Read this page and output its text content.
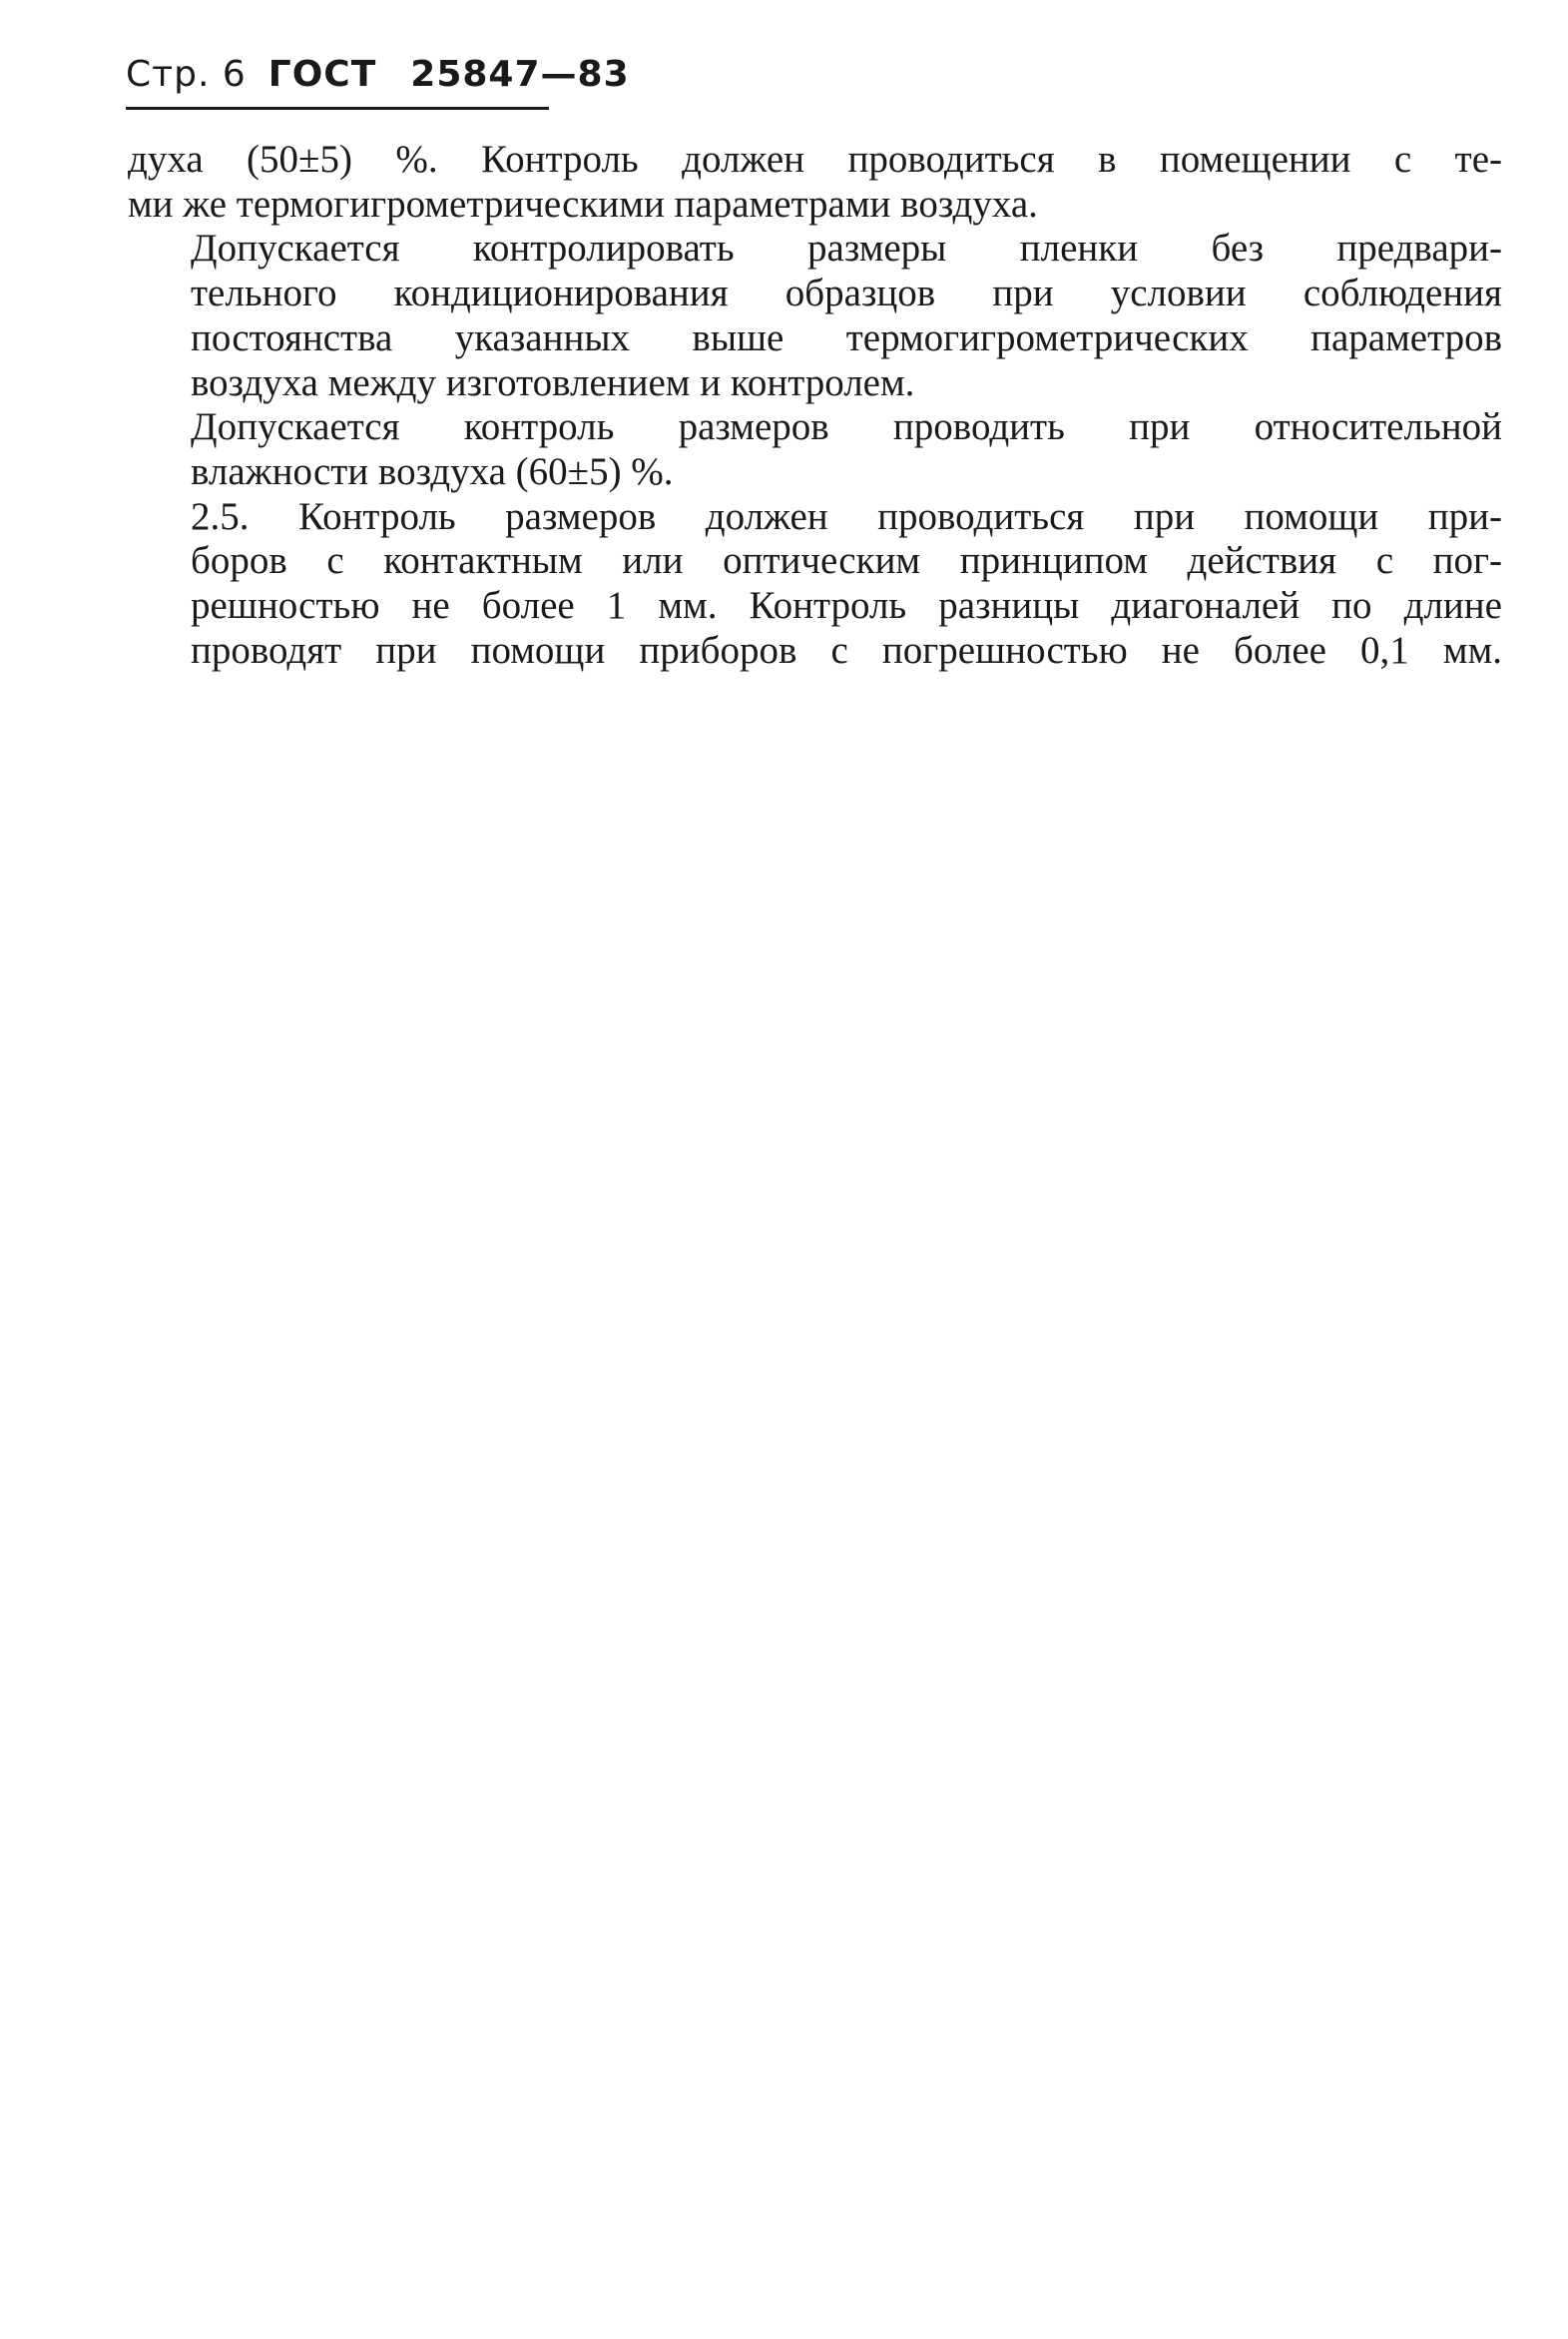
Стр. 6 ГОСТ 25847—83

духа (50±5) %. Контроль должен проводиться в помещении с те-
ми же термогигрометрическими параметрами воздуха.

Допускается контролировать размеры пленки без предвари-
тельного кондиционирования образцов при условии соблюдения
постоянства указанных выше термогигрометрических параметров
воздуха между изготовлением и контролем.

Допускается контроль размеров проводить при относительной
влажности воздуха (60±5) %.

2.5. Контроль размеров должен проводиться при помощи при-
боров с контактным или оптическим принципом действия с пог-
решностью не более 1 мм. Контроль разницы диагоналей по длине
проводят при помощи приборов с погрешностью не более 0,1 мм.
